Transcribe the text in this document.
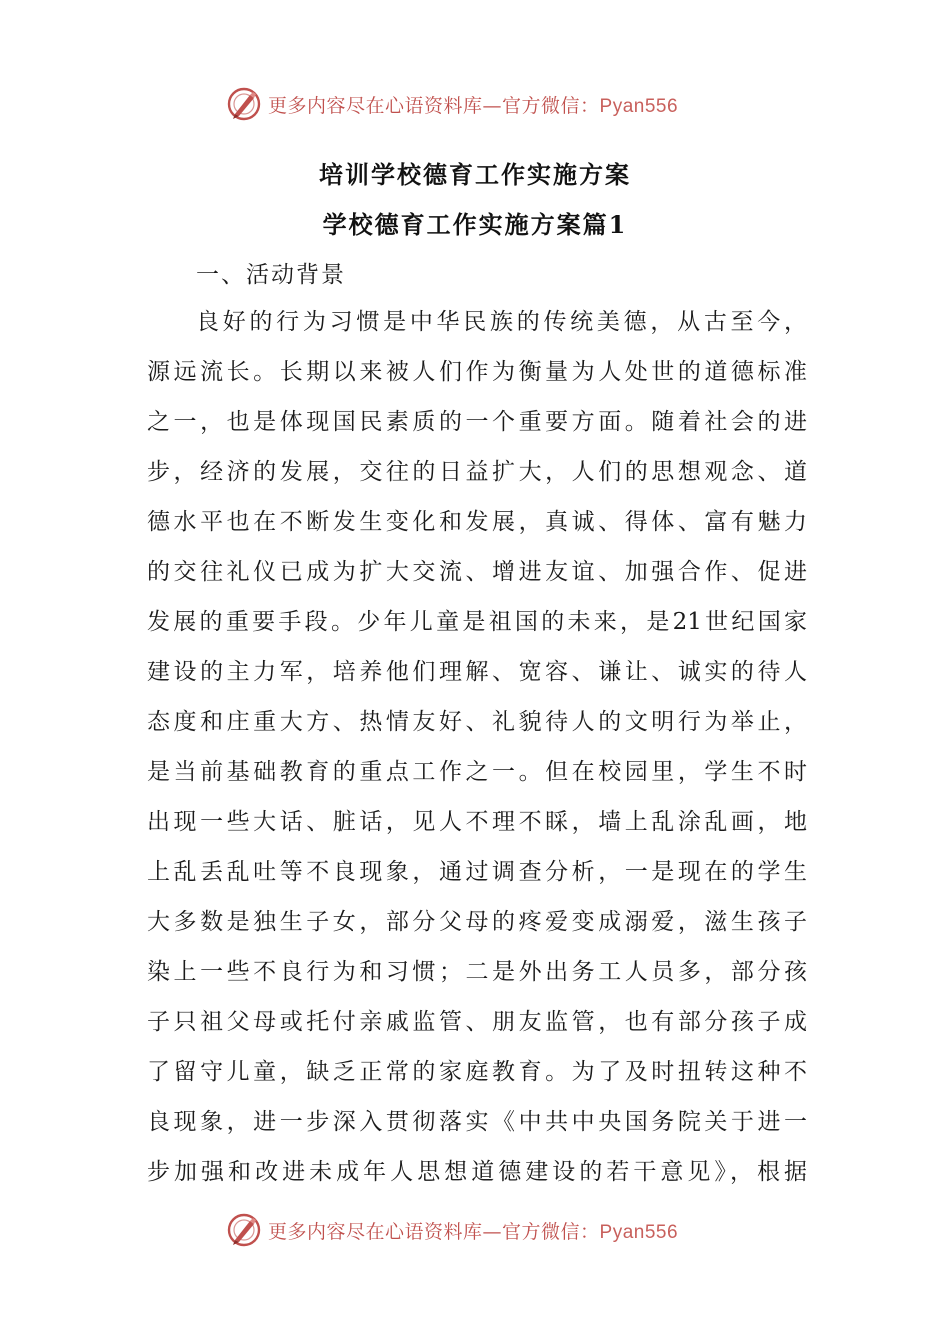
更多内容尽在心语资料库—官方微信：Pyan556
培训学校德育工作实施方案
学校德育工作实施方案篇1
一、活动背景
良好的行为习惯是中华民族的传统美德，从古至今，
源远流长。长期以来被人们作为衡量为人处世的道德标准
之一，也是体现国民素质的一个重要方面。随着社会的进
步，经济的发展，交往的日益扩大，人们的思想观念、道
德水平也在不断发生变化和发展，真诚、得体、富有魅力
的交往礼仪已成为扩大交流、增进友谊、加强合作、促进
发展的重要手段。少年儿童是祖国的未来，是21世纪国家
建设的主力军，培养他们理解、宽容、谦让、诚实的待人
态度和庄重大方、热情友好、礼貌待人的文明行为举止，
是当前基础教育的重点工作之一。但在校园里，学生不时
出现一些大话、脏话，见人不理不睬，墙上乱涂乱画，地
上乱丢乱吐等不良现象，通过调查分析，一是现在的学生
大多数是独生子女，部分父母的疼爱变成溺爱，滋生孩子
染上一些不良行为和习惯；二是外出务工人员多，部分孩
子只祖父母或托付亲戚监管、朋友监管，也有部分孩子成
了留守儿童，缺乏正常的家庭教育。为了及时扭转这种不
良现象，进一步深入贯彻落实《中共中央国务院关于进一
步加强和改进未成年人思想道德建设的若干意见》，根据
更多内容尽在心语资料库—官方微信：Pyan556
